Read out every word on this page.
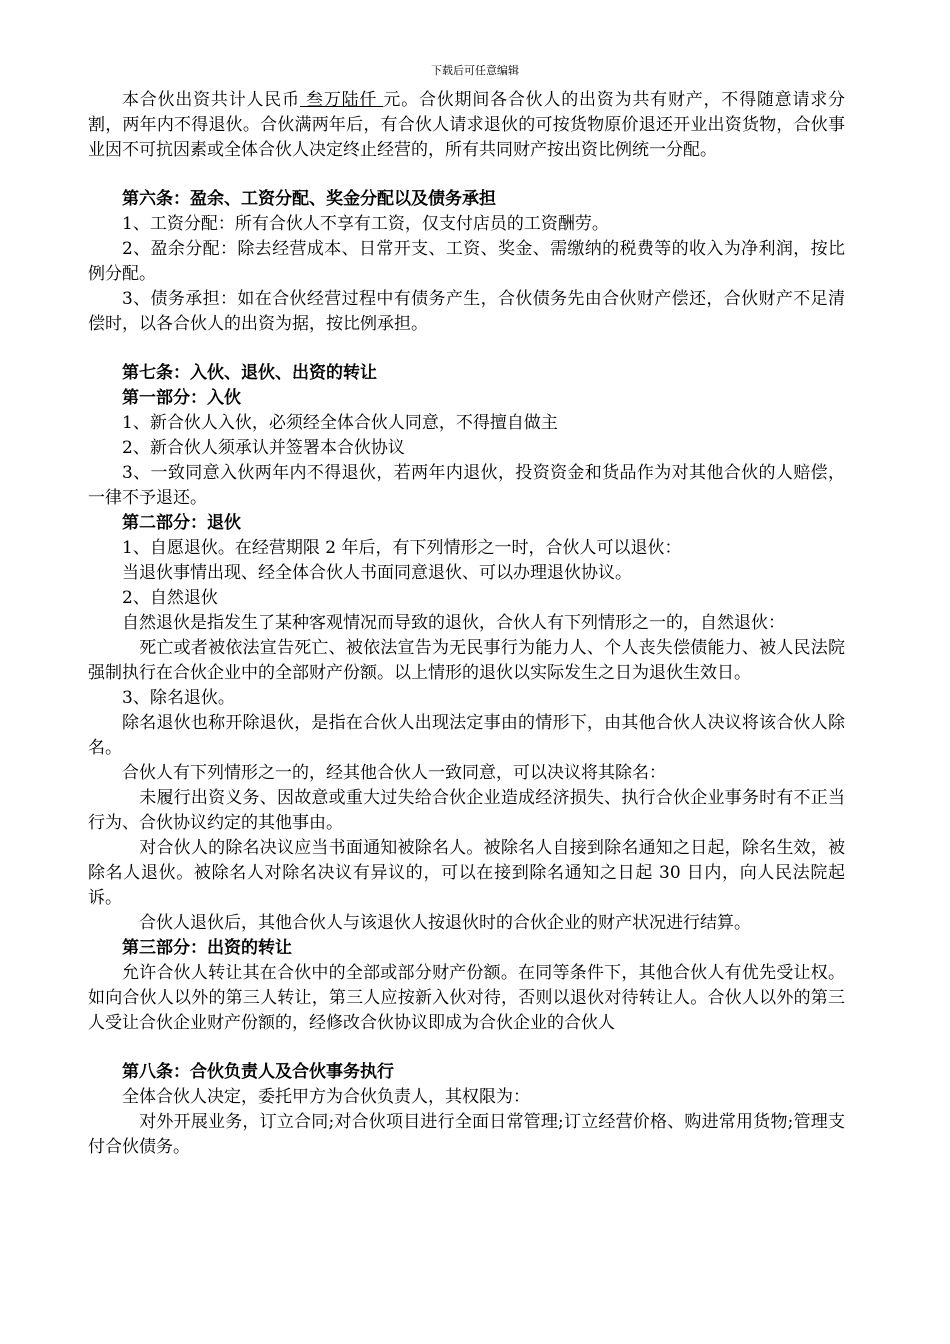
下载后可任意编辑

本合伙出资共计人民币 叁万陆仟 元。合伙期间各合伙人的出资为共有财产，不得随意请求分割，两年内不得退伙。合伙满两年后，有合伙人请求退伙的可按货物原价退还开业出资货物，合伙事业因不可抗因素或全体合伙人决定终止经营的，所有共同财产按出资比例统一分配。

第六条：盈余、工资分配、奖金分配以及债务承担

1、工资分配：所有合伙人不享有工资，仅支付店员的工资酬劳。

2、盈余分配：除去经营成本、日常开支、工资、奖金、需缴纳的税费等的收入为净利润，按比例分配。

3、债务承担：如在合伙经营过程中有债务产生，合伙债务先由合伙财产偿还，合伙财产不足清偿时，以各合伙人的出资为据，按比例承担。

第七条：入伙、退伙、出资的转让

第一部分：入伙

1、新合伙人入伙，必须经全体合伙人同意，不得擅自做主

2、新合伙人须承认并签署本合伙协议

3、一致同意入伙两年内不得退伙，若两年内退伙，投资资金和货品作为对其他合伙的人赔偿，一律不予退还。

第二部分：退伙

1、自愿退伙。在经营期限 2 年后，有下列情形之一时，合伙人可以退伙：

当退伙事情出现、经全体合伙人书面同意退伙、可以办理退伙协议。

2、自然退伙

自然退伙是指发生了某种客观情况而导致的退伙，合伙人有下列情形之一的，自然退伙：

　死亡或者被依法宣告死亡、被依法宣告为无民事行为能力人、个人丧失偿债能力、被人民法院强制执行在合伙企业中的全部财产份额。以上情形的退伙以实际发生之日为退伙生效日。

3、除名退伙。

除名退伙也称开除退伙，是指在合伙人出现法定事由的情形下，由其他合伙人决议将该合伙人除名。

合伙人有下列情形之一的，经其他合伙人一致同意，可以决议将其除名：

　未履行出资义务、因故意或重大过失给合伙企业造成经济损失、执行合伙企业事务时有不正当行为、合伙协议约定的其他事由。

　对合伙人的除名决议应当书面通知被除名人。被除名人自接到除名通知之日起，除名生效，被除名人退伙。被除名人对除名决议有异议的，可以在接到除名通知之日起 30 日内，向人民法院起诉。

　合伙人退伙后，其他合伙人与该退伙人按退伙时的合伙企业的财产状况进行结算。

第三部分：出资的转让

允许合伙人转让其在合伙中的全部或部分财产份额。在同等条件下，其他合伙人有优先受让权。如向合伙人以外的第三人转让，第三人应按新入伙对待，否则以退伙对待转让人。合伙人以外的第三人受让合伙企业财产份额的，经修改合伙协议即成为合伙企业的合伙人

第八条：合伙负责人及合伙事务执行

全体合伙人决定，委托甲方为合伙负责人，其权限为：

　对外开展业务，订立合同;对合伙项目进行全面日常管理;订立经营价格、购进常用货物;管理支付合伙债务。
